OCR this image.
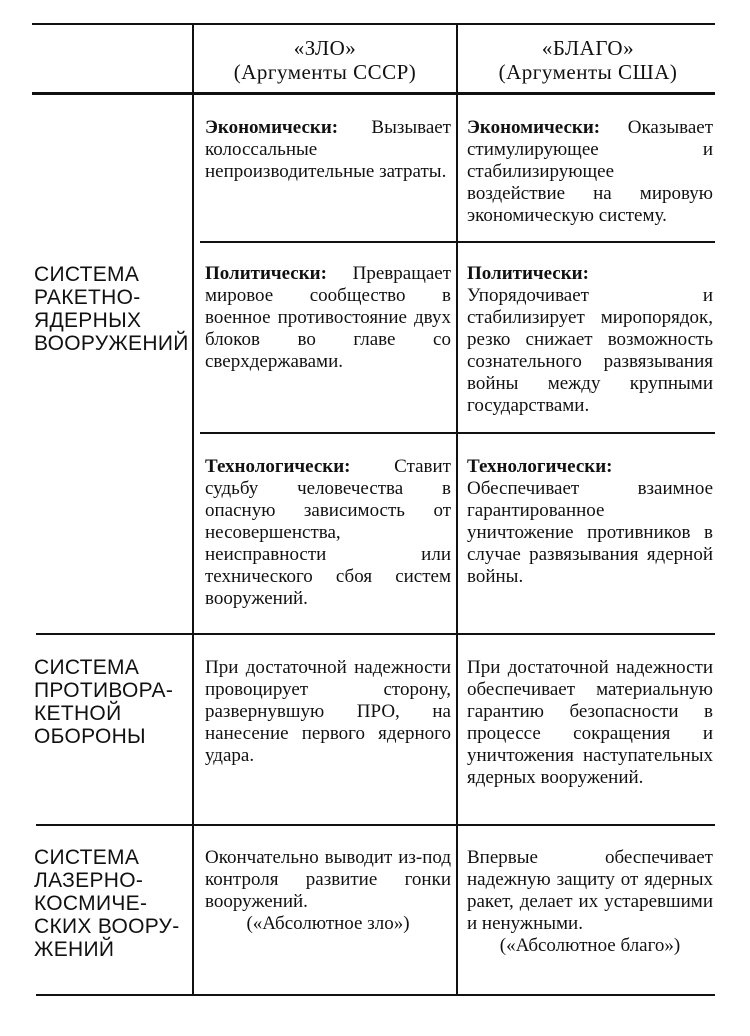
«ЗЛО»
(Аргументы СССР)
«БЛАГО»
(Аргументы США)
СИСТЕМА
РАКЕТНО-
ЯДЕРНЫХ
ВООРУЖЕНИЙ
Экономически: Вызывает колоссальные непроизводительные затраты.
Экономически: Оказывает стимулирующее и стабилизирующее воздействие на мировую экономическую систему.
Политически: Превращает мировое сообщество в военное противостояние двух блоков во главе со сверхдержавами.
Политически: Упорядочивает и стабилизирует миропорядок, резко снижает возможность сознательного развязывания войны между крупными государствами.
Технологически: Ставит судьбу человечества в опасную зависимость от несовершенства, неисправности или технического сбоя систем вооружений.
Технологически: Обеспечивает взаимное гарантированное уничтожение противников в случае развязывания ядерной войны.
СИСТЕМА
ПРОТИВОРА-
КЕТНОЙ
ОБОРОНЫ
При достаточной надежности провоцирует сторону, развернувшую ПРО, на нанесение первого ядерного удара.
При достаточной надежности обеспечивает материальную гарантию безопасности в процессе сокращения и уничтожения наступательных ядерных вооружений.
СИСТЕМА
ЛАЗЕРНО-
КОСМИЧЕ-
СКИХ ВООРУ-
ЖЕНИЙ
Окончательно выводит из-под контроля развитие гонки вооружений.
(«Абсолютное зло»)
Впервые обеспечивает надежную защиту от ядерных ракет, делает их устаревшими и ненужными.
(«Абсолютное благо»)
